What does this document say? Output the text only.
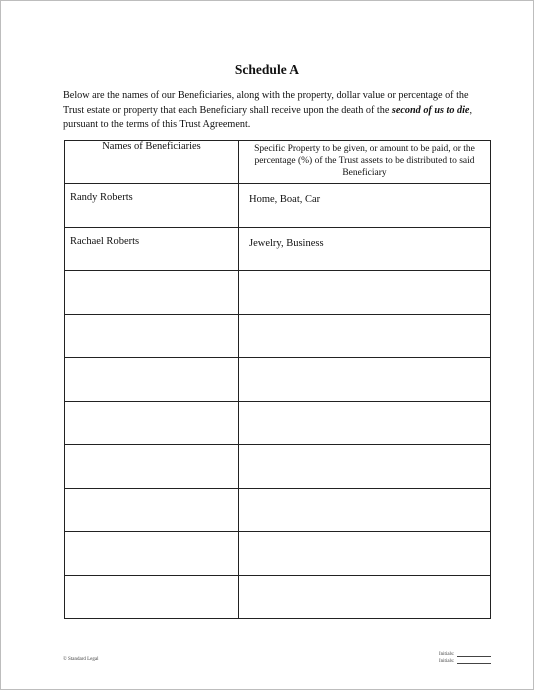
Schedule A
Below are the names of our Beneficiaries, along with the property, dollar value or percentage of the Trust estate or property that each Beneficiary shall receive upon the death of the second of us to die, pursuant to the terms of this Trust Agreement.
Names of Beneficiaries	Specific Property to be given, or amount to be paid, or the percentage (%) of the Trust assets to be distributed to said Beneficiary

Randy Roberts	Home, Boat, Car

Rachael Roberts	Jewelry, Business

© Standard Legal
Initials:
Initials:
